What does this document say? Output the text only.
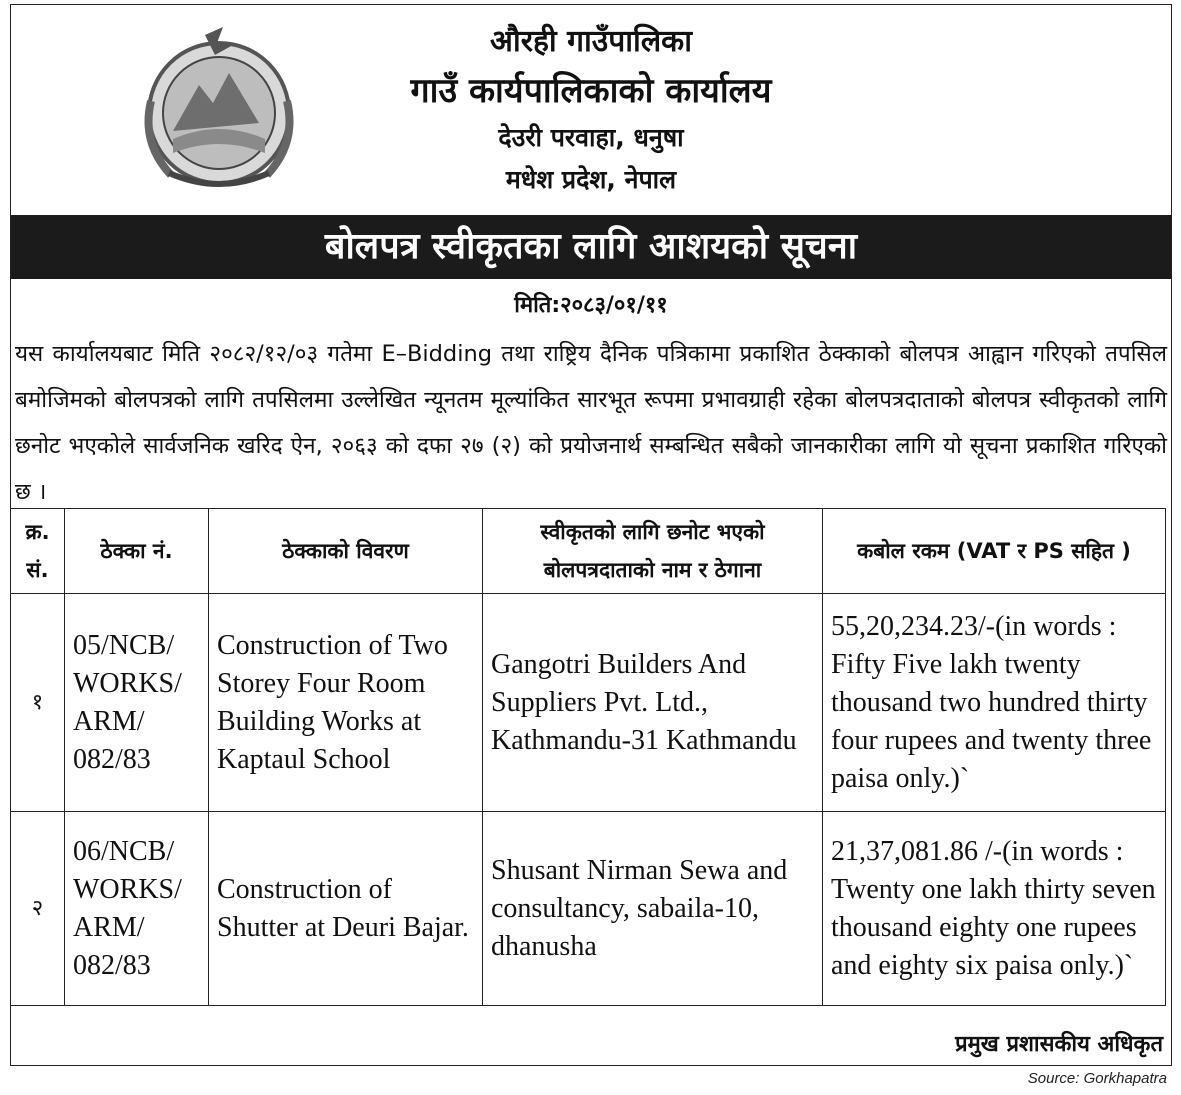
औरही गाउँपालिका
गाउँ कार्यपालिकाको कार्यालय
देउरी परवाहा, धनुषा
मधेश प्रदेश, नेपाल
बोलपत्र स्वीकृतका लागि आशयको सूचना
मिति:२०८३/०१/११
यस कार्यालयबाट मिति २०८२/१२/०३ गतेमा E–Bidding तथा राष्ट्रिय दैनिक पत्रिकामा प्रकाशित ठेक्काको बोलपत्र आह्वान गरिएको तपसिल बमोजिमको बोलपत्रको लागि तपसिलमा उल्लेखित न्यूनतम मूल्यांकित सारभूत रूपमा प्रभावग्राही रहेका बोलपत्रदाताको बोलपत्र स्वीकृतको लागि छनोट भएकोले सार्वजनिक खरिद ऐन, २०६३ को दफा २७ (२) को प्रयोजनार्थ सम्बन्धित सबैको जानकारीका लागि यो सूचना प्रकाशित गरिएको छ ।
क्र. सं.	ठेक्का नं.	ठेक्काको विवरण	स्वीकृतको लागि छनोट भएको बोलपत्रदाताको नाम र ठेगाना	कबोल रकम (VAT र PS सहित )
१	05/NCB/ WORKS/ ARM/ 082/83	Construction of Two Storey Four Room Building Works at Kaptaul School	Gangotri Builders And Suppliers Pvt. Ltd., Kathmandu-31 Kathmandu	55,20,234.23/-(in words : Fifty Five lakh twenty thousand two hundred thirty four rupees and twenty three paisa only.)`
२	06/NCB/ WORKS/ ARM/ 082/83	Construction of Shutter at Deuri Bajar.	Shusant Nirman Sewa and consultancy, sabaila-10, dhanusha	21,37,081.86 /-(in words : Twenty one lakh thirty seven thousand eighty one rupees and eighty six paisa only.)`
प्रमुख प्रशासकीय अधिकृत
Source: Gorkhapatra
